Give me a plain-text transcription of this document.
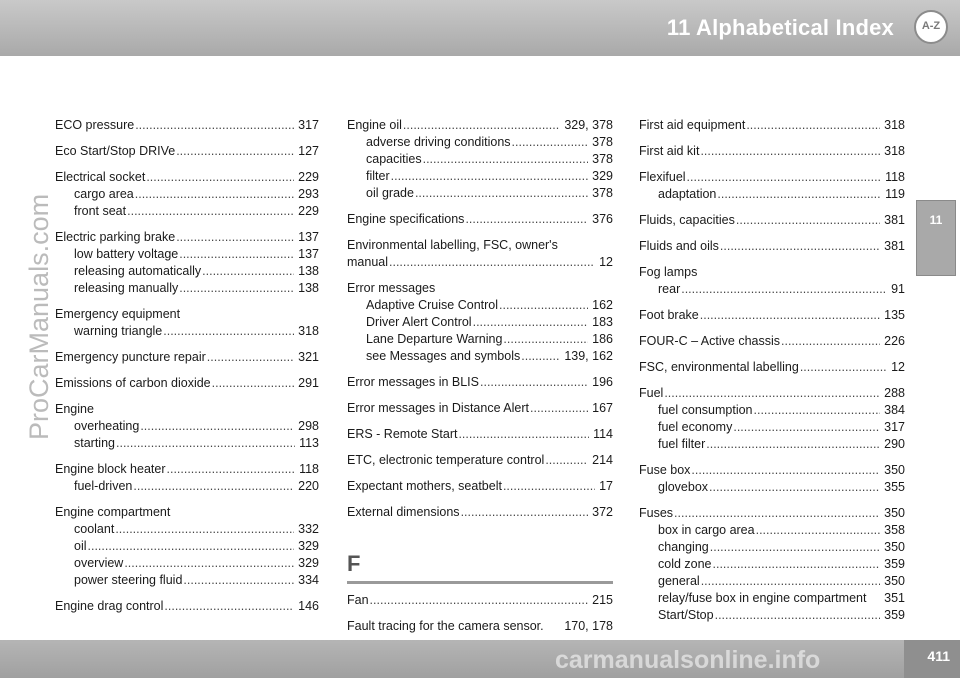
11 Alphabetical Index	A-Z
11
ProCarManuals.com
ECO pressure .....	317
Eco Start/Stop DRIVe .....	127
Electrical socket .....	229
cargo area .....	293
front seat .....	229
Electric parking brake .....	137
low battery voltage .....	137
releasing automatically .....	138
releasing manually .....	138
Emergency equipment
warning triangle .....	318
Emergency puncture repair .....	321
Emissions of carbon dioxide .....	291
Engine
overheating .....	298
starting .....	113
Engine block heater .....	118
fuel-driven .....	220
Engine compartment
coolant .....	332
oil .....	329
overview .....	329
power steering fluid .....	334
Engine drag control .....	146
Engine oil .....	329, 378
adverse driving conditions .....	378
capacities .....	378
filter .....	329
oil grade .....	378
Engine specifications .....	376
Environmental labelling, FSC, owner's
manual .....	12
Error messages
Adaptive Cruise Control .....	162
Driver Alert Control .....	183
Lane Departure Warning .....	186
see Messages and symbols .....	139, 162
Error messages in BLIS .....	196
Error messages in Distance Alert .....	167
ERS - Remote Start .....	114
ETC, electronic temperature control .....	214
Expectant mothers, seatbelt .....	17
External dimensions .....	372
F
Fan .....	215
Fault tracing for the camera sensor. 170, 178
First aid equipment .....	318
First aid kit .....	318
Flexifuel .....	118
adaptation .....	119
Fluids, capacities .....	381
Fluids and oils .....	381
Fog lamps
rear .....	91
Foot brake .....	135
FOUR-C – Active chassis .....	226
FSC, environmental labelling .....	12
Fuel .....	288
fuel consumption .....	384
fuel economy .....	317
fuel filter .....	290
Fuse box .....	350
glovebox .....	355
Fuses .....	350
box in cargo area .....	358
changing .....	350
cold zone .....	359
general .....	350
relay/fuse box in engine compartment 351
Start/Stop .....	359
carmanualsonline.info	411
